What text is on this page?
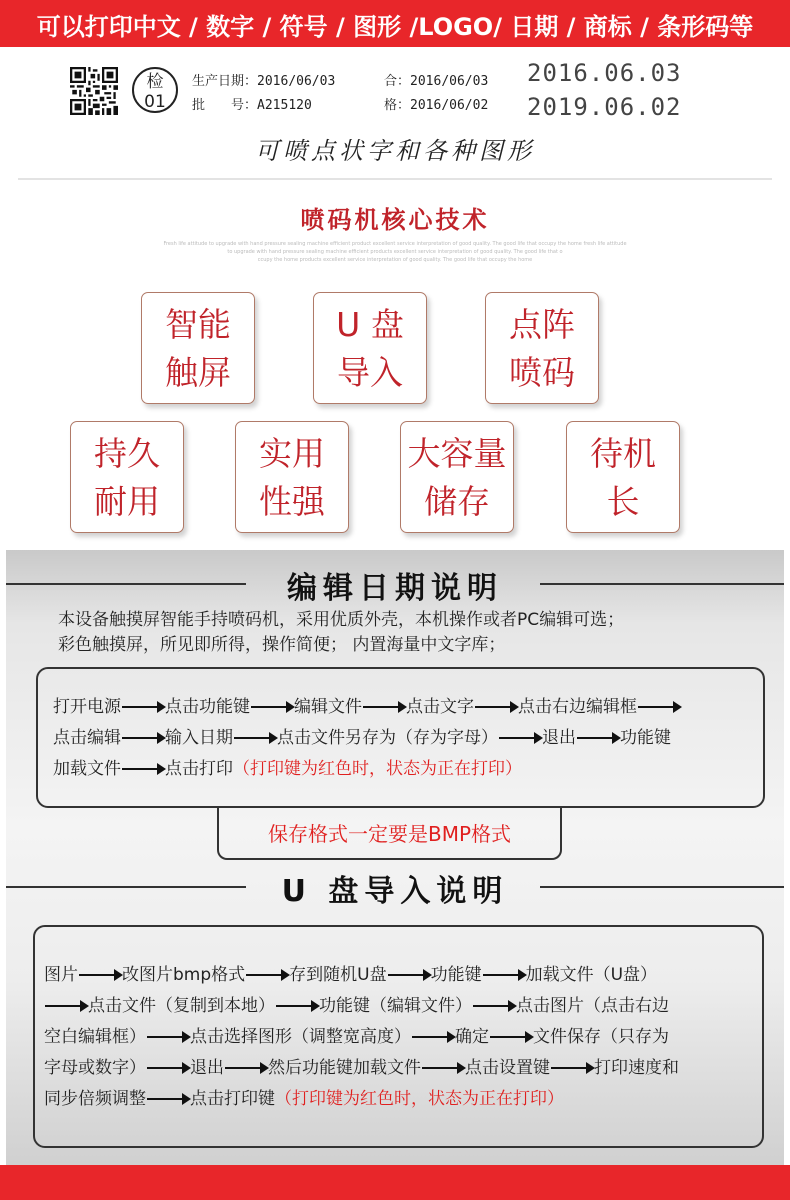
可以打印中文 / 数字 / 符号 / 图形 /LOGO/ 日期 / 商标 / 条形码等
检
01
生产日期：2016/06/03	合：2016/06/03
批　　号：A215120	格：2016/06/02
2016.06.03
2019.06.02
可喷点状字和各种图形
喷码机核心技术
Fresh life attitude to upgrade with hand pressure sealing machine efficient product excellent service interpretation of good quality. The good life that occupy the home fresh life attitude
to upgrade with hand pressure sealing machine efficient products excellent service interpretation of good quality. The good life that o
ccupy the home products excellent service interpretation of good quality. The good life that occupy the home
智能
触屏
U 盘
导入
点阵
喷码
持久
耐用
实用
性强
大容量
储存
待机
长
编辑日期说明
本设备触摸屏智能手持喷码机，采用优质外壳，本机操作或者PC编辑可选；
彩色触摸屏，所见即所得，操作简便； 内置海量中文字库；
打开电源	点击功能键	编辑文件	点击文字	点击右边编辑框
点击编辑	输入日期	点击文件另存为（存为字母）	退出	功能键
加载文件	点击打印（打印键为红色时，状态为正在打印）
保存格式一定要是BMP格式
U 盘导入说明
图片	改图片bmp格式	存到随机U盘	功能键	加载文件（U盘）
点击文件（复制到本地）	功能键（编辑文件）	点击图片（点击右边
空白编辑框）	点击选择图形（调整宽高度）	确定	文件保存（只存为
字母或数字）	退出	然后功能键加载文件	点击设置键	打印速度和
同步倍频调整	点击打印键（打印键为红色时，状态为正在打印）
